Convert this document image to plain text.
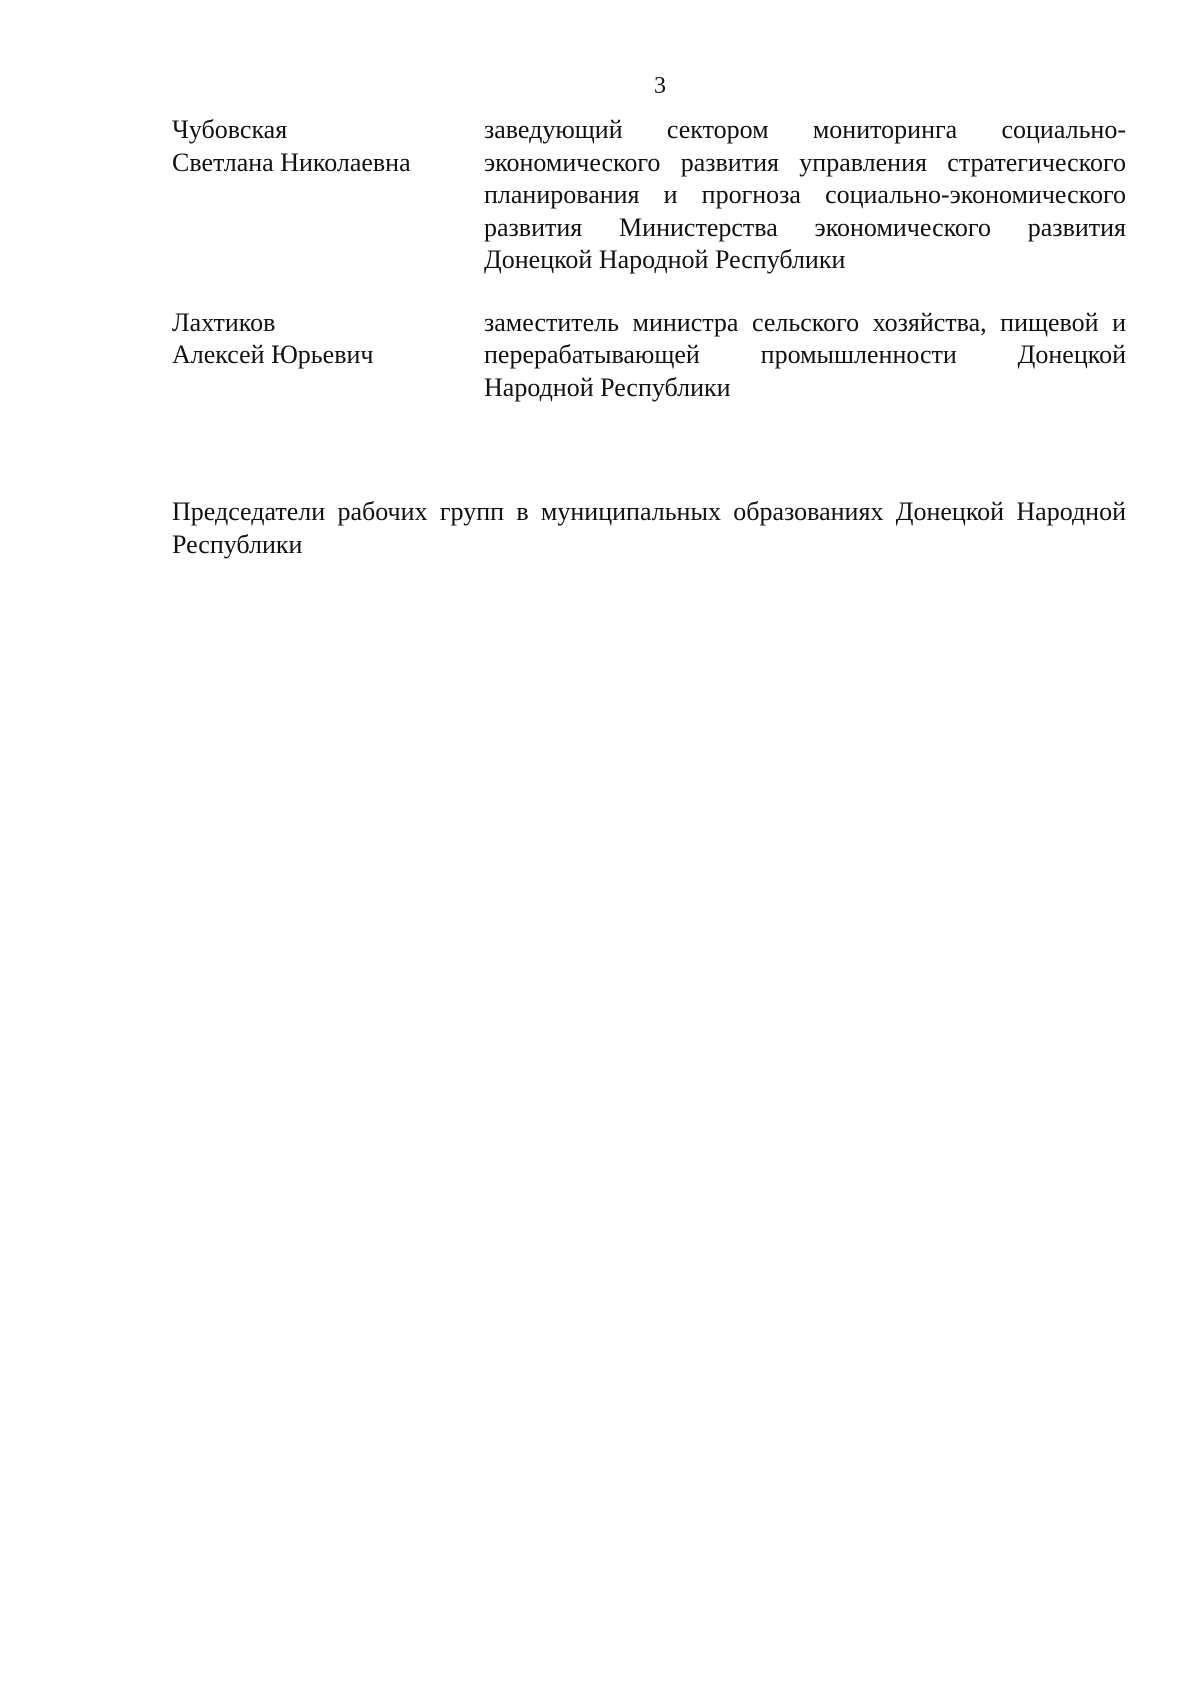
3
Чубовская
Светлана Николаевна
заведующий сектором мониторинга социально-экономического развития управления стратегического планирования и прогноза социально-экономического развития Министерства экономического развития Донецкой Народной Республики
Лахтиков
Алексей Юрьевич
заместитель министра сельского хозяйства, пищевой и перерабатывающей промышленности Донецкой Народной Республики
Председатели рабочих групп в муниципальных образованиях Донецкой Народной Республики
